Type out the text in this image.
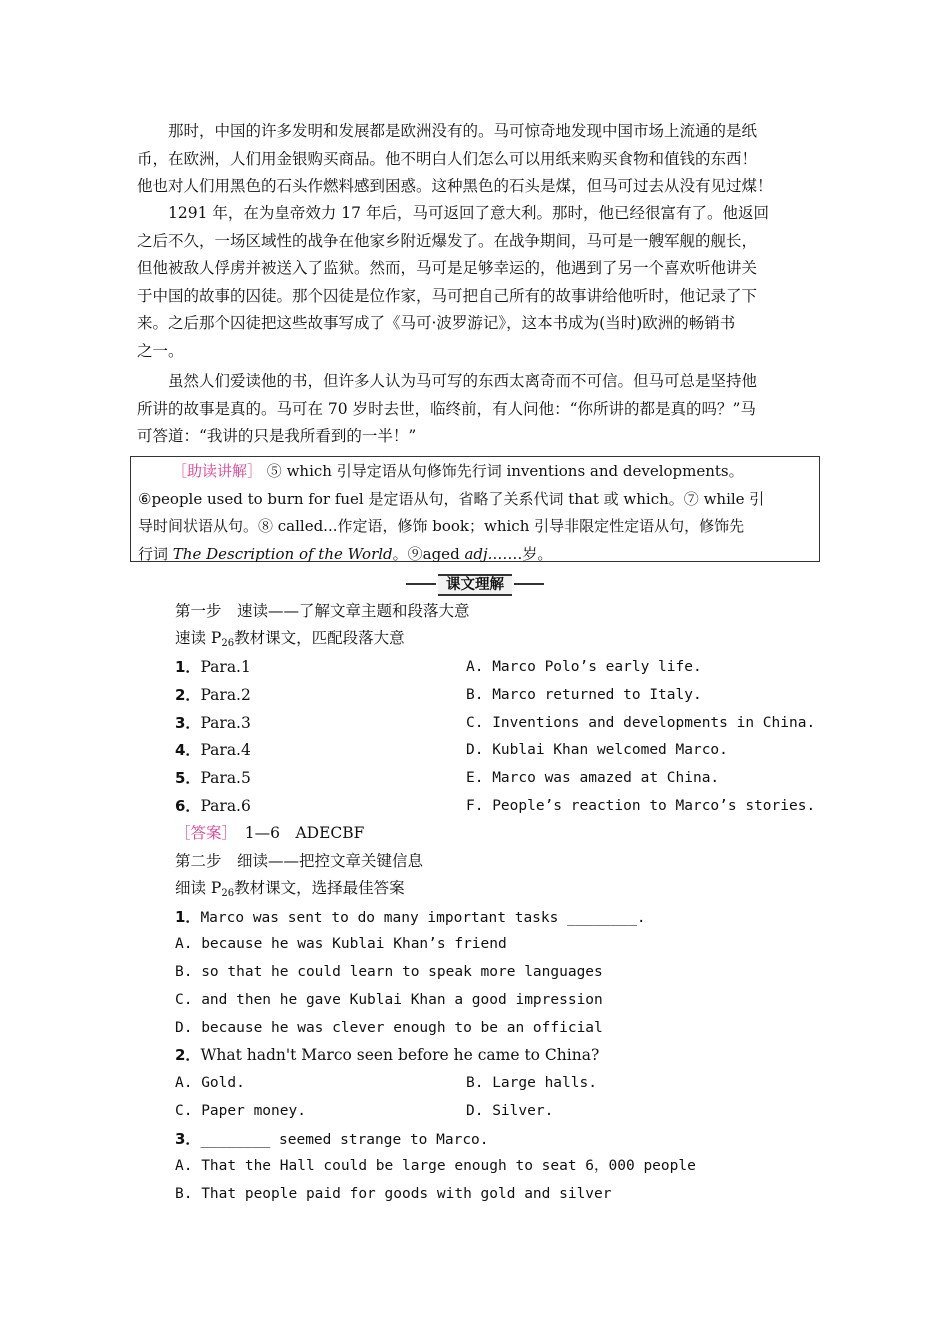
那时，中国的许多发明和发展都是欧洲没有的。马可惊奇地发现中国市场上流通的是纸
币，在欧洲，人们用金银购买商品。他不明白人们怎么可以用纸来购买食物和值钱的东西！
他也对人们用黑色的石头作燃料感到困惑。这种黑色的石头是煤，但马可过去从没有见过煤！
1291 年，在为皇帝效力 17 年后，马可返回了意大利。那时，他已经很富有了。他返回
之后不久，一场区域性的战争在他家乡附近爆发了。在战争期间，马可是一艘军舰的舰长，
但他被敌人俘虏并被送入了监狱。然而，马可是足够幸运的，他遇到了另一个喜欢听他讲关
于中国的故事的囚徒。那个囚徒是位作家，马可把自己所有的故事讲给他听时，他记录了下
来。之后那个囚徒把这些故事写成了《马可·波罗游记》，这本书成为(当时)欧洲的畅销书
之一。
虽然人们爱读他的书，但许多人认为马可写的东西太离奇而不可信。但马可总是坚持他
所讲的故事是真的。马可在 70 岁时去世，临终前，有人问他：“你所讲的都是真的吗？”马
可答道：“我讲的只是我所看到的一半！”
［助读讲解］ ⑤ which 引导定语从句修饰先行词 inventions and developments。
⑥people used to burn for fuel 是定语从句，省略了关系代词 that 或 which。⑦ while 引
导时间状语从句。⑧ called...作定语，修饰 book；which 引导非限定性定语从句，修饰先
行词 The Description of the World。⑨aged adj.……岁。
课文理解
第一步　速读——了解文章主题和段落大意
速读 $P_{26}$教材课文，匹配段落大意
1．Para.1	A. Marco Polo’s early life.
2．Para.2	B. Marco returned to Italy.
3．Para.3	C. Inventions and developments in China.
4．Para.4	D. Kublai Khan welcomed Marco.
5．Para.5	E. Marco was amazed at China.
6．Para.6	F. People’s reaction to Marco’s stories.
［答案］　1—6　ADECBF
第二步　细读——把控文章关键信息
细读 $P_{26}$教材课文，选择最佳答案
1．Marco was sent to do many important tasks ________.
A. because he was Kublai Khan’s friend
B. so that he could learn to speak more languages
C. and then he gave Kublai Khan a good impression
D. because he was clever enough to be an official
2．What hadn't Marco seen before he came to China?
A. Gold.	B. Large halls.
C. Paper money.	D. Silver.
3．________ seemed strange to Marco.
A. That the Hall could be large enough to seat 6，000 people
B. That people paid for goods with gold and silver
